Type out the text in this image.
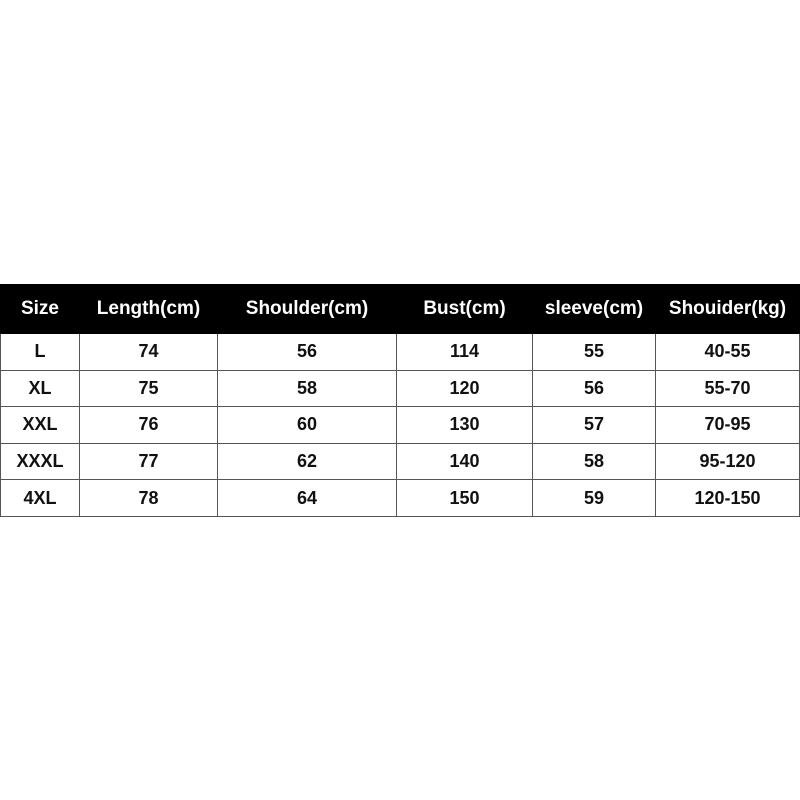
Size	Length(cm)	Shoulder(cm)	Bust(cm)	sleeve(cm)	Shouider(kg)
L	74	56	114	55	40-55
XL	75	58	120	56	55-70
XXL	76	60	130	57	70-95
XXXL	77	62	140	58	95-120
4XL	78	64	150	59	120-150
